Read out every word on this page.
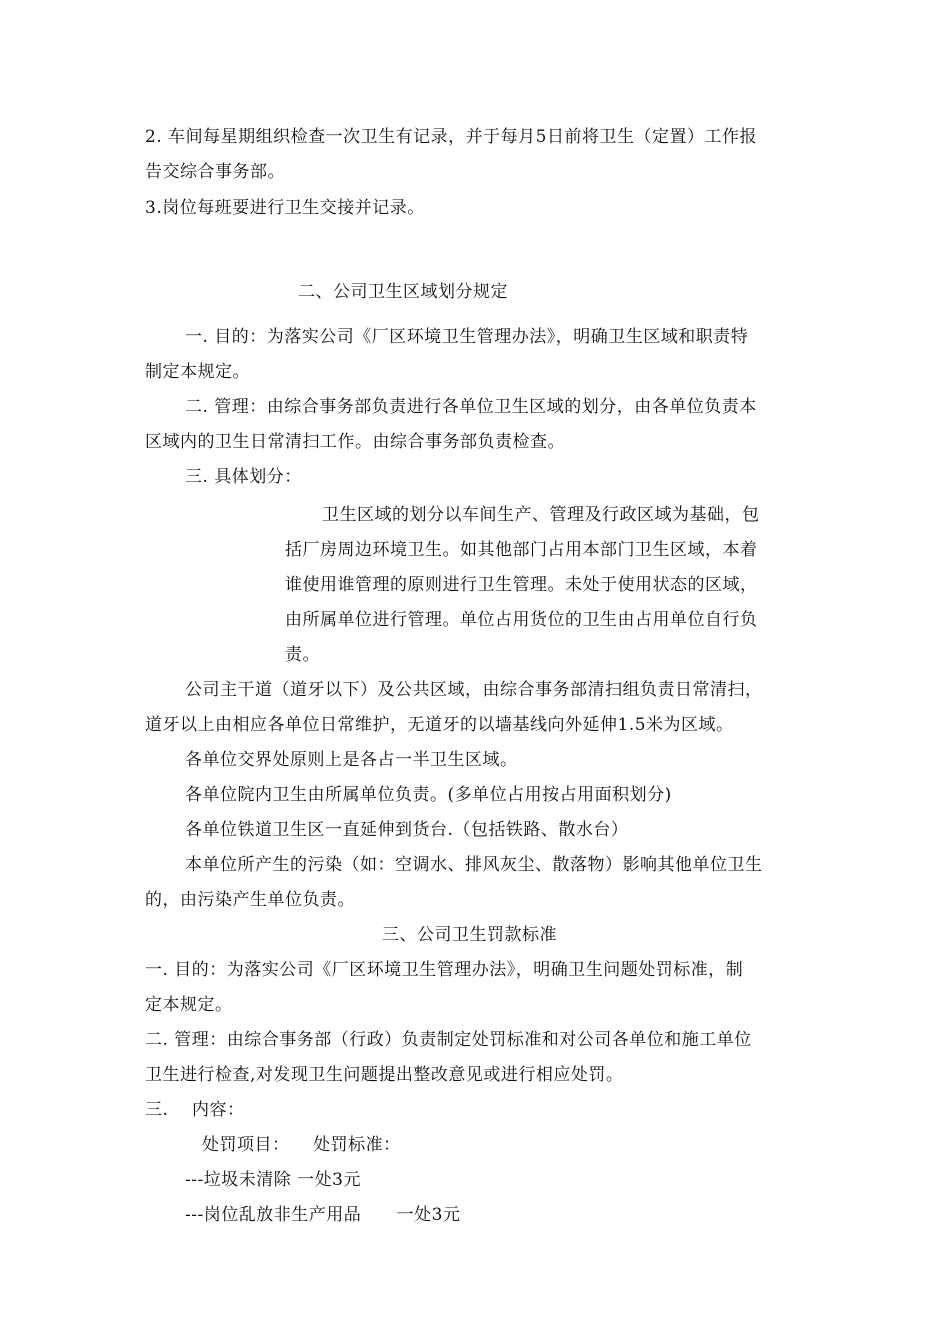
2. 车间每星期组织检查一次卫生有记录，并于每月5日前将卫生（定置）工作报
告交综合事务部。
3.岗位每班要进行卫生交接并记录。
二、公司卫生区域划分规定
一. 目的：为落实公司《厂区环境卫生管理办法》，明确卫生区域和职责特
制定本规定。
二. 管理：由综合事务部负责进行各单位卫生区域的划分，由各单位负责本
区域内的卫生日常清扫工作。由综合事务部负责检查。
三. 具体划分：
卫生区域的划分以车间生产、管理及行政区域为基础，包
括厂房周边环境卫生。如其他部门占用本部门卫生区域，本着
谁使用谁管理的原则进行卫生管理。未处于使用状态的区域，
由所属单位进行管理。单位占用货位的卫生由占用单位自行负
责。
公司主干道（道牙以下）及公共区域，由综合事务部清扫组负责日常清扫，
道牙以上由相应各单位日常维护，无道牙的以墙基线向外延伸1.5米为区域。
各单位交界处原则上是各占一半卫生区域。
各单位院内卫生由所属单位负责。(多单位占用按占用面积划分)
各单位铁道卫生区一直延伸到货台.（包括铁路、散水台）
本单位所产生的污染（如：空调水、排风灰尘、散落物）影响其他单位卫生
的，由污染产生单位负责。
三、公司卫生罚款标准
一. 目的：为落实公司《厂区环境卫生管理办法》，明确卫生问题处罚标准，制
定本规定。
二. 管理：由综合事务部（行政）负责制定处罚标准和对公司各单位和施工单位
卫生进行检查,对发现卫生问题提出整改意见或进行相应处罚。
三.    内容：
处罚项目：    处罚标准：
---垃圾未清除 一处3元
---岗位乱放非生产用品      一处3元
